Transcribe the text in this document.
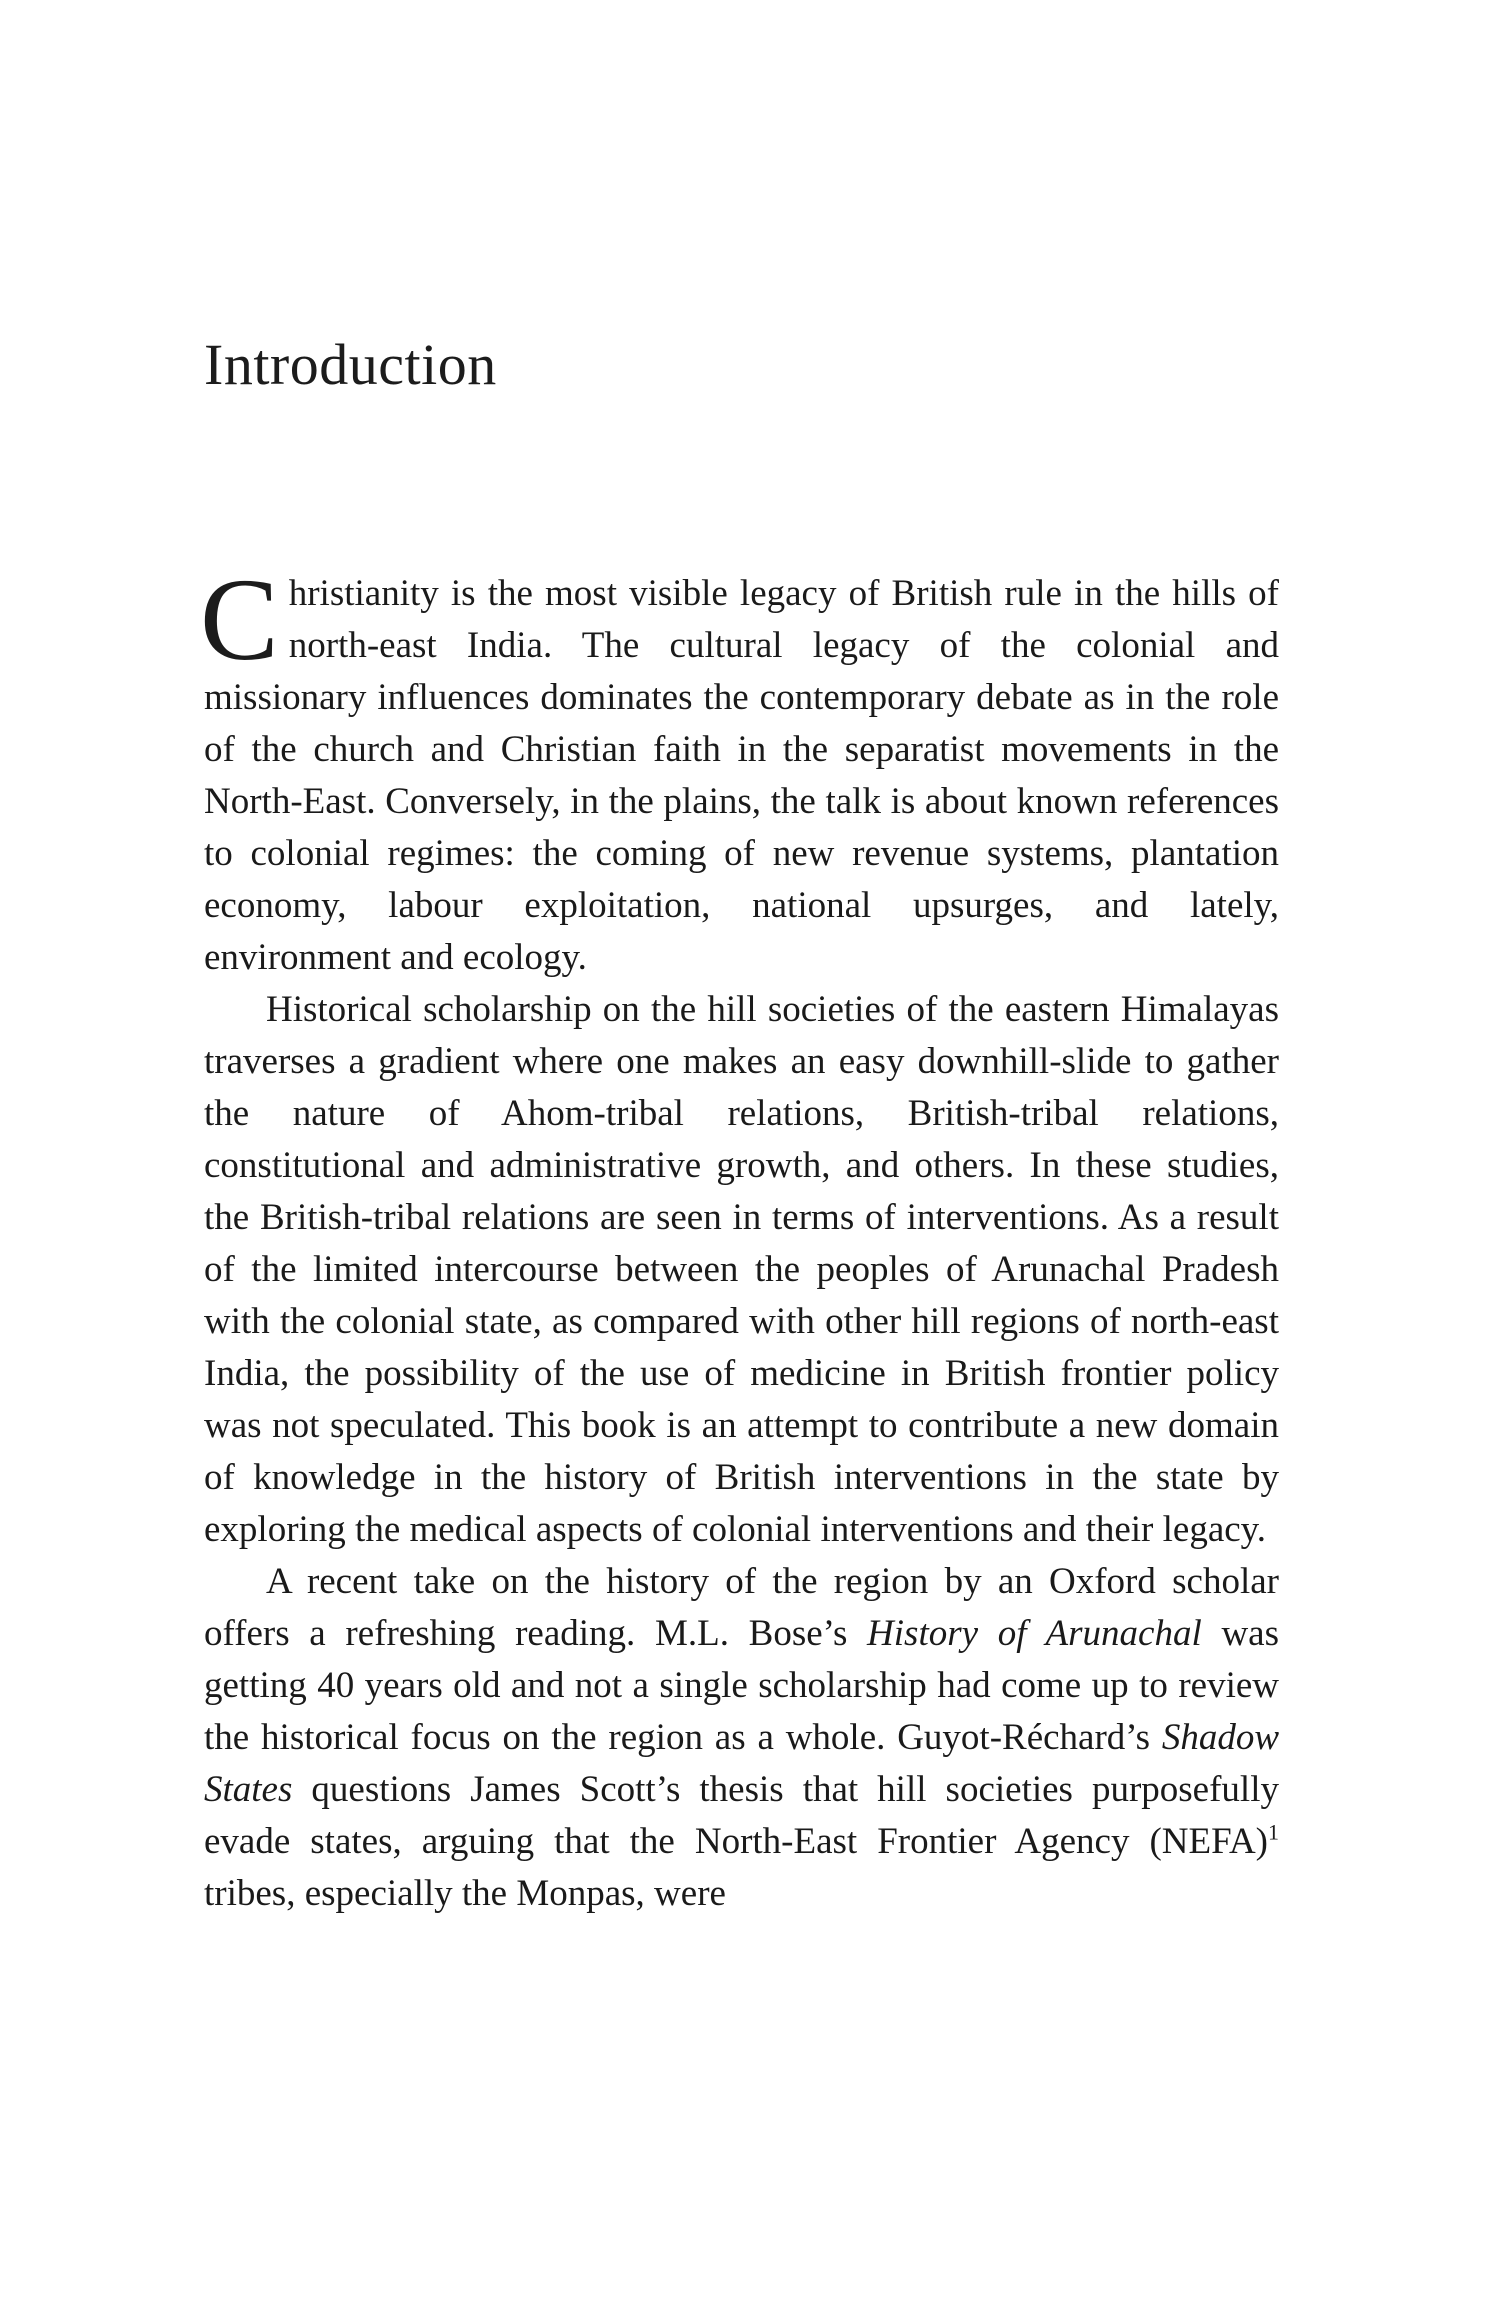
Introduction

Christianity is the most visible legacy of British rule in the hills of north-east India. The cultural legacy of the colonial and missionary influences dominates the contemporary debate as in the role of the church and Christian faith in the separatist movements in the North-East. Conversely, in the plains, the talk is about known references to colonial regimes: the coming of new revenue systems, plantation economy, labour exploitation, national upsurges, and lately, environment and ecology.

Historical scholarship on the hill societies of the eastern Himalayas traverses a gradient where one makes an easy downhill-slide to gather the nature of Ahom-tribal relations, British-tribal relations, constitutional and administrative growth, and others. In these studies, the British-tribal relations are seen in terms of interventions. As a result of the limited intercourse between the peoples of Arunachal Pradesh with the colonial state, as compared with other hill regions of north-east India, the possibility of the use of medicine in British frontier policy was not speculated. This book is an attempt to contribute a new domain of knowledge in the history of British interventions in the state by exploring the medical aspects of colonial interventions and their legacy.

A recent take on the history of the region by an Oxford scholar offers a refreshing reading. M.L. Bose’s History of Arunachal was getting 40 years old and not a single scholarship had come up to review the historical focus on the region as a whole. Guyot-Réchard’s Shadow States questions James Scott’s thesis that hill societies purposefully evade states, arguing that the North-East Frontier Agency (NEFA)$^1$ tribes, especially the Monpas, were
